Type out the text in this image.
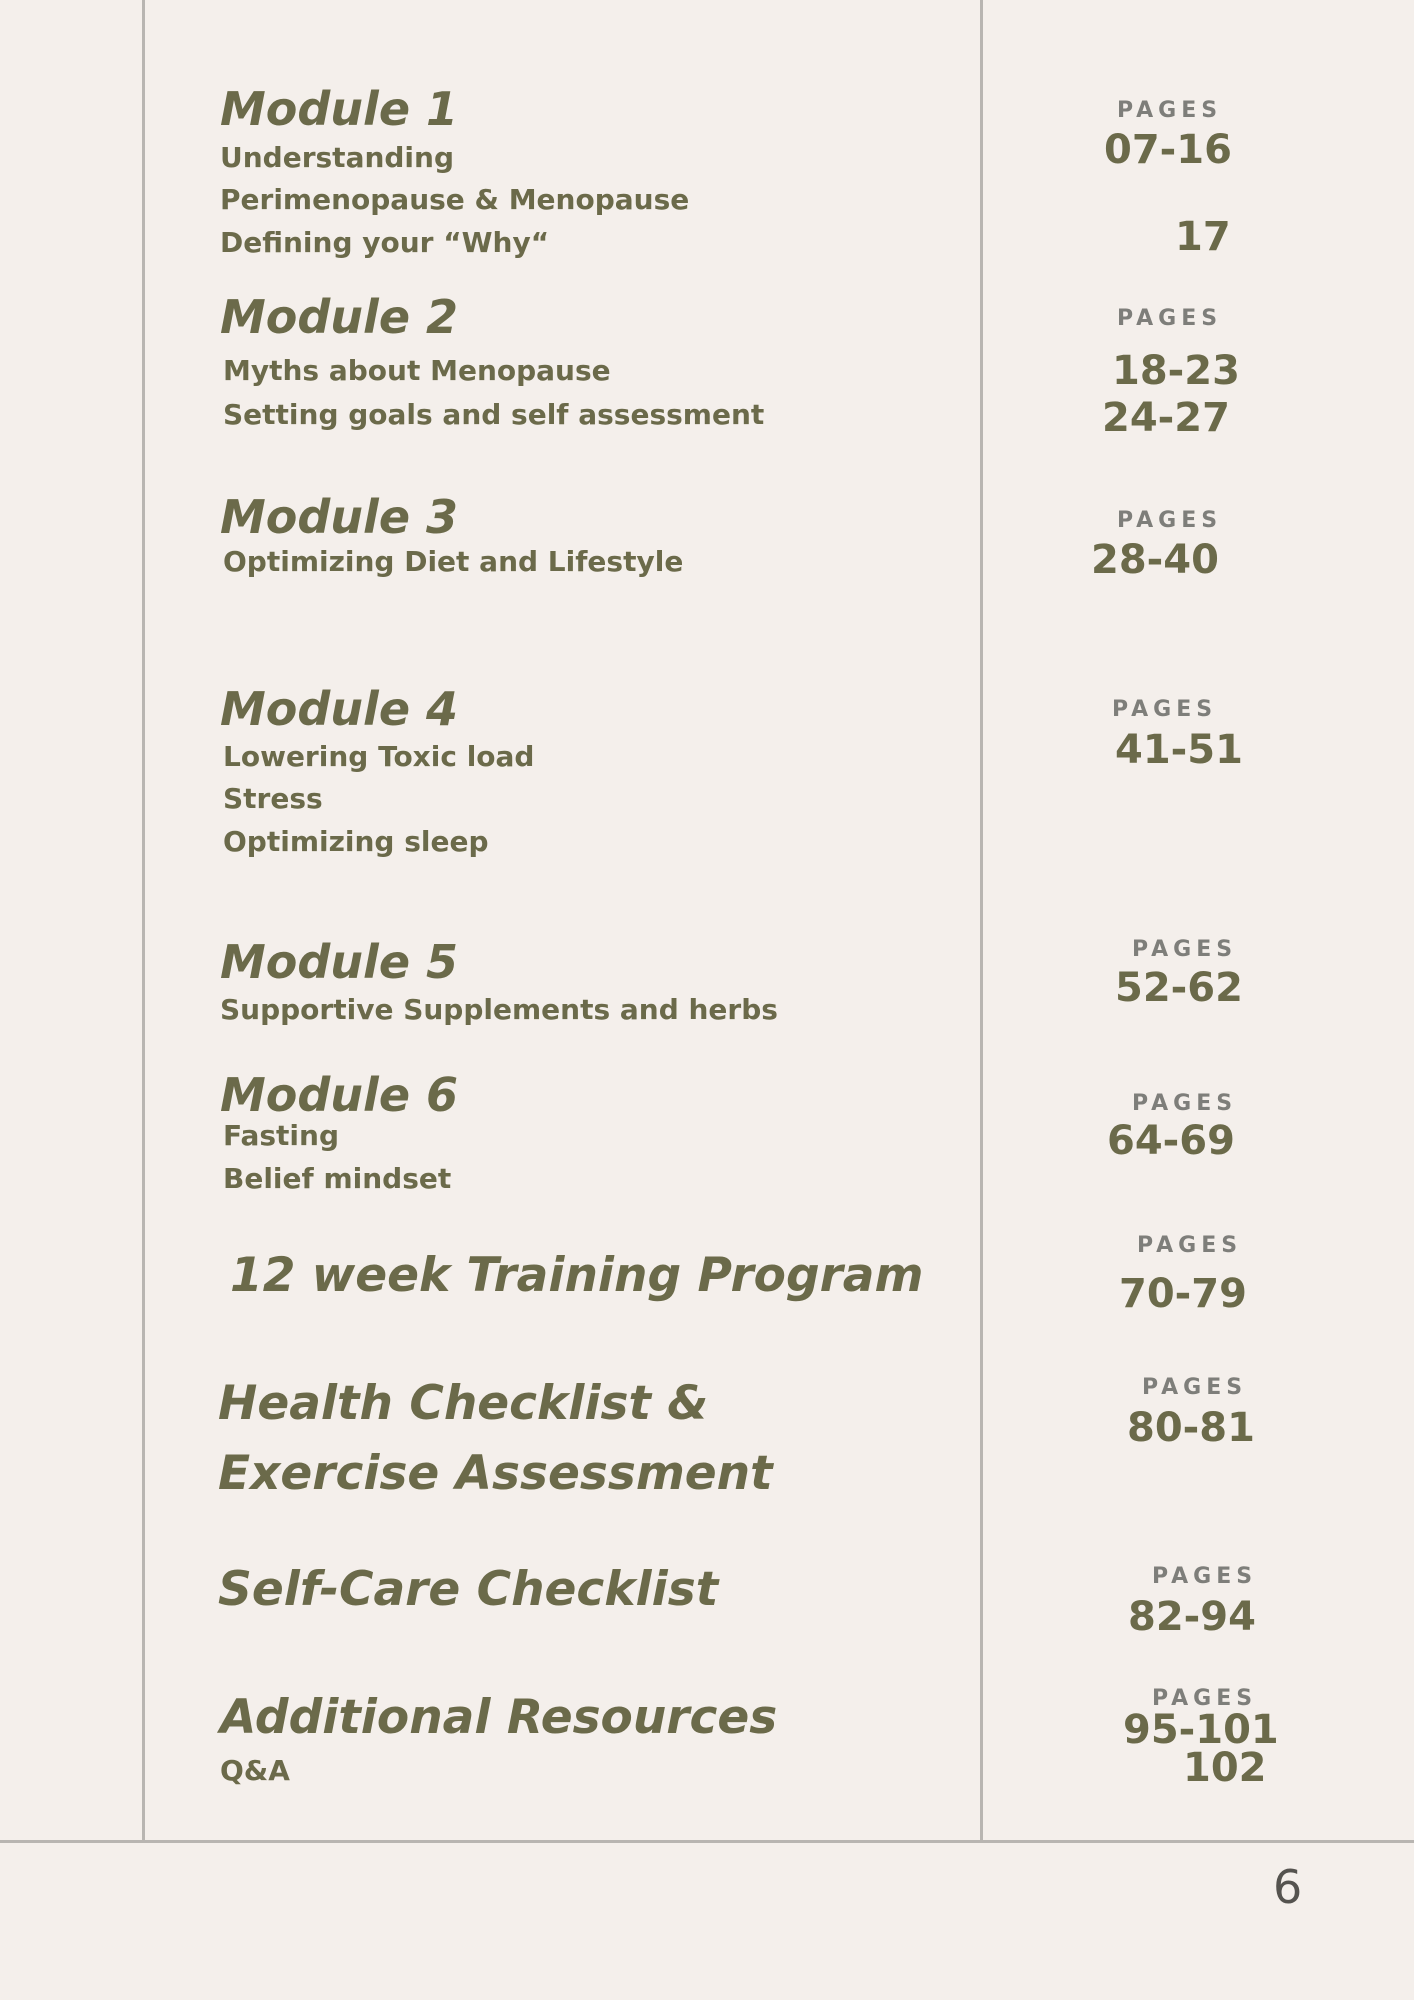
Module 1
Understanding
Perimenopause & Menopause
Defining your “Why“
PAGES
07-16
17
Module 2
Myths about Menopause
Setting goals and self assessment
PAGES
18-23
24-27
Module 3
Optimizing Diet and Lifestyle
PAGES
28-40
Module 4
Lowering Toxic load
Stress
Optimizing sleep
PAGES
41-51
Module 5
Supportive Supplements and herbs
PAGES
52-62
Module 6
Fasting
Belief mindset
PAGES
64-69
12 week Training Program
PAGES
70-79
Health Checklist &
Exercise Assessment
PAGES
80-81
Self-Care Checklist	PAGES
82-94
Additional Resources
Q&A
PAGES
95-101
102
6
